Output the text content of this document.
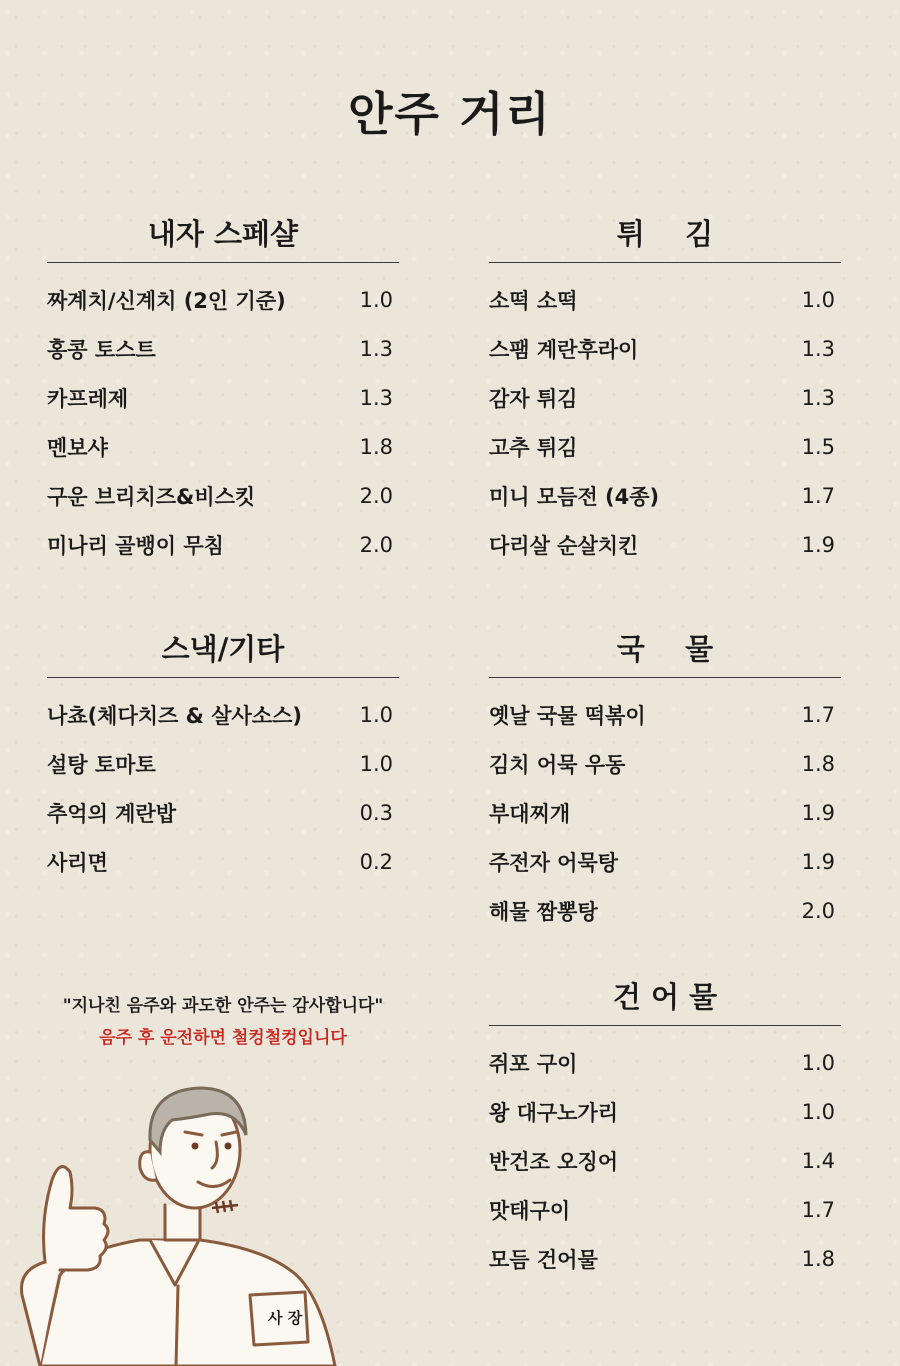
안주 거리
내자 스페샬
짜계치/신계치 (2인 기준)	1.0
홍콩 토스트	1.3
카프레제	1.3
멘보샤	1.8
구운 브리치즈&비스킷	2.0
미나리 골뱅이 무침	2.0
튀    김
소떡 소떡	1.0
스팸 계란후라이	1.3
감자 튀김	1.3
고추 튀김	1.5
미니 모듬전 (4종)	1.7
다리살 순살치킨	1.9
스낵/기타
나쵸(체다치즈 & 살사소스)	1.0
설탕 토마토	1.0
추억의 계란밥	0.3
사리면	0.2
국    물
옛날 국물 떡볶이	1.7
김치 어묵 우동	1.8
부대찌개	1.9
주전자 어묵탕	1.9
해물 짬뽕탕	2.0
건 어 물
쥐포 구이	1.0
왕 대구노가리	1.0
반건조 오징어	1.4
맛태구이	1.7
모듬 건어물	1.8
"지나친 음주와 과도한 안주는 감사합니다"
음주 후 운전하면 철컹철컹입니다
사 장
